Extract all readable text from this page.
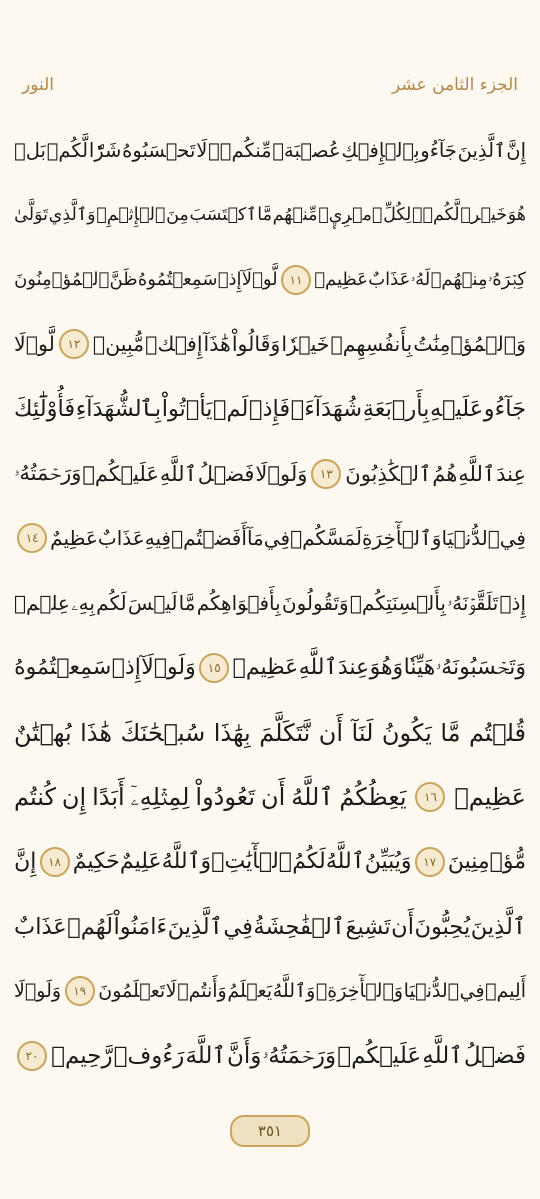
الجزء الثامن عشر
النور
إِنَّ
ٱلَّذِينَ
جَآءُو
بِٱلۡإِفۡكِ
عُصۡبَةٞ
مِّنكُمۡۚ
لَا
تَحۡسَبُوهُ
شَرّٗا
لَّكُمۖ
بَلۡ
هُوَ
خَيۡرٞ
لَّكُمۡۚ
لِكُلِّ
ٱمۡرِيٕٖ
مِّنۡهُم
مَّا
ٱكۡتَسَبَ
مِنَ
ٱلۡإِثۡمِۚ
وَٱلَّذِي
تَوَلَّىٰ
كِبۡرَهُۥ
مِنۡهُمۡ
لَهُۥ
عَذَابٌ
عَظِيمٞ
١١
لَّوۡلَآ
إِذۡ
سَمِعۡتُمُوهُ
ظَنَّ
ٱلۡمُؤۡمِنُونَ
وَٱلۡمُؤۡمِنَٰتُ
بِأَنفُسِهِمۡ
خَيۡرٗا
وَقَالُواْ
هَٰذَآ
إِفۡكٞ
مُّبِينٞ
١٢
لَّوۡلَا
جَآءُو
عَلَيۡهِ
بِأَرۡبَعَةِ
شُهَدَآءَۚ
فَإِذۡ
لَمۡ
يَأۡتُواْ
بِٱلشُّهَدَآءِ
فَأُوْلَٰٓئِكَ
عِندَ
ٱللَّهِ
هُمُ
ٱلۡكَٰذِبُونَ
١٣
وَلَوۡلَا
فَضۡلُ
ٱللَّهِ
عَلَيۡكُمۡ
وَرَحۡمَتُهُۥ
فِي
ٱلدُّنۡيَا
وَٱلۡأٓخِرَةِ
لَمَسَّكُمۡ
فِي
مَآ
أَفَضۡتُمۡ
فِيهِ
عَذَابٌ
عَظِيمٌ
١٤
إِذۡ
تَلَقَّوۡنَهُۥ
بِأَلۡسِنَتِكُمۡ
وَتَقُولُونَ
بِأَفۡوَاهِكُم
مَّا
لَيۡسَ
لَكُم
بِهِۦ
عِلۡمٞ
وَتَحۡسَبُونَهُۥ
هَيِّنٗا
وَهُوَ
عِندَ
ٱللَّهِ
عَظِيمٞ
١٥
وَلَوۡلَآ
إِذۡ
سَمِعۡتُمُوهُ
قُلۡتُم
مَّا
يَكُونُ
لَنَآ
أَن
نَّتَكَلَّمَ
بِهَٰذَا
سُبۡحَٰنَكَ
هَٰذَا
بُهۡتَٰنٌ
عَظِيمٞ
١٦
يَعِظُكُمُ
ٱللَّهُ
أَن
تَعُودُواْ
لِمِثۡلِهِۦٓ
أَبَدًا
إِن
كُنتُم
مُّؤۡمِنِينَ
١٧
وَيُبَيِّنُ
ٱللَّهُ
لَكُمُ
ٱلۡأٓيَٰتِۚ
وَٱللَّهُ
عَلِيمٌ
حَكِيمٌ
١٨
إِنَّ
ٱلَّذِينَ
يُحِبُّونَ
أَن
تَشِيعَ
ٱلۡفَٰحِشَةُ
فِي
ٱلَّذِينَ
ءَامَنُواْ
لَهُمۡ
عَذَابٌ
أَلِيمٞ
فِي
ٱلدُّنۡيَا
وَٱلۡأٓخِرَةِۚ
وَٱللَّهُ
يَعۡلَمُ
وَأَنتُمۡ
لَا
تَعۡلَمُونَ
١٩
وَلَوۡلَا
فَضۡلُ
ٱللَّهِ
عَلَيۡكُمۡ
وَرَحۡمَتُهُۥ
وَأَنَّ
ٱللَّهَ
رَءُوفٞ
رَّحِيمٞ
٢٠
٣٥١
